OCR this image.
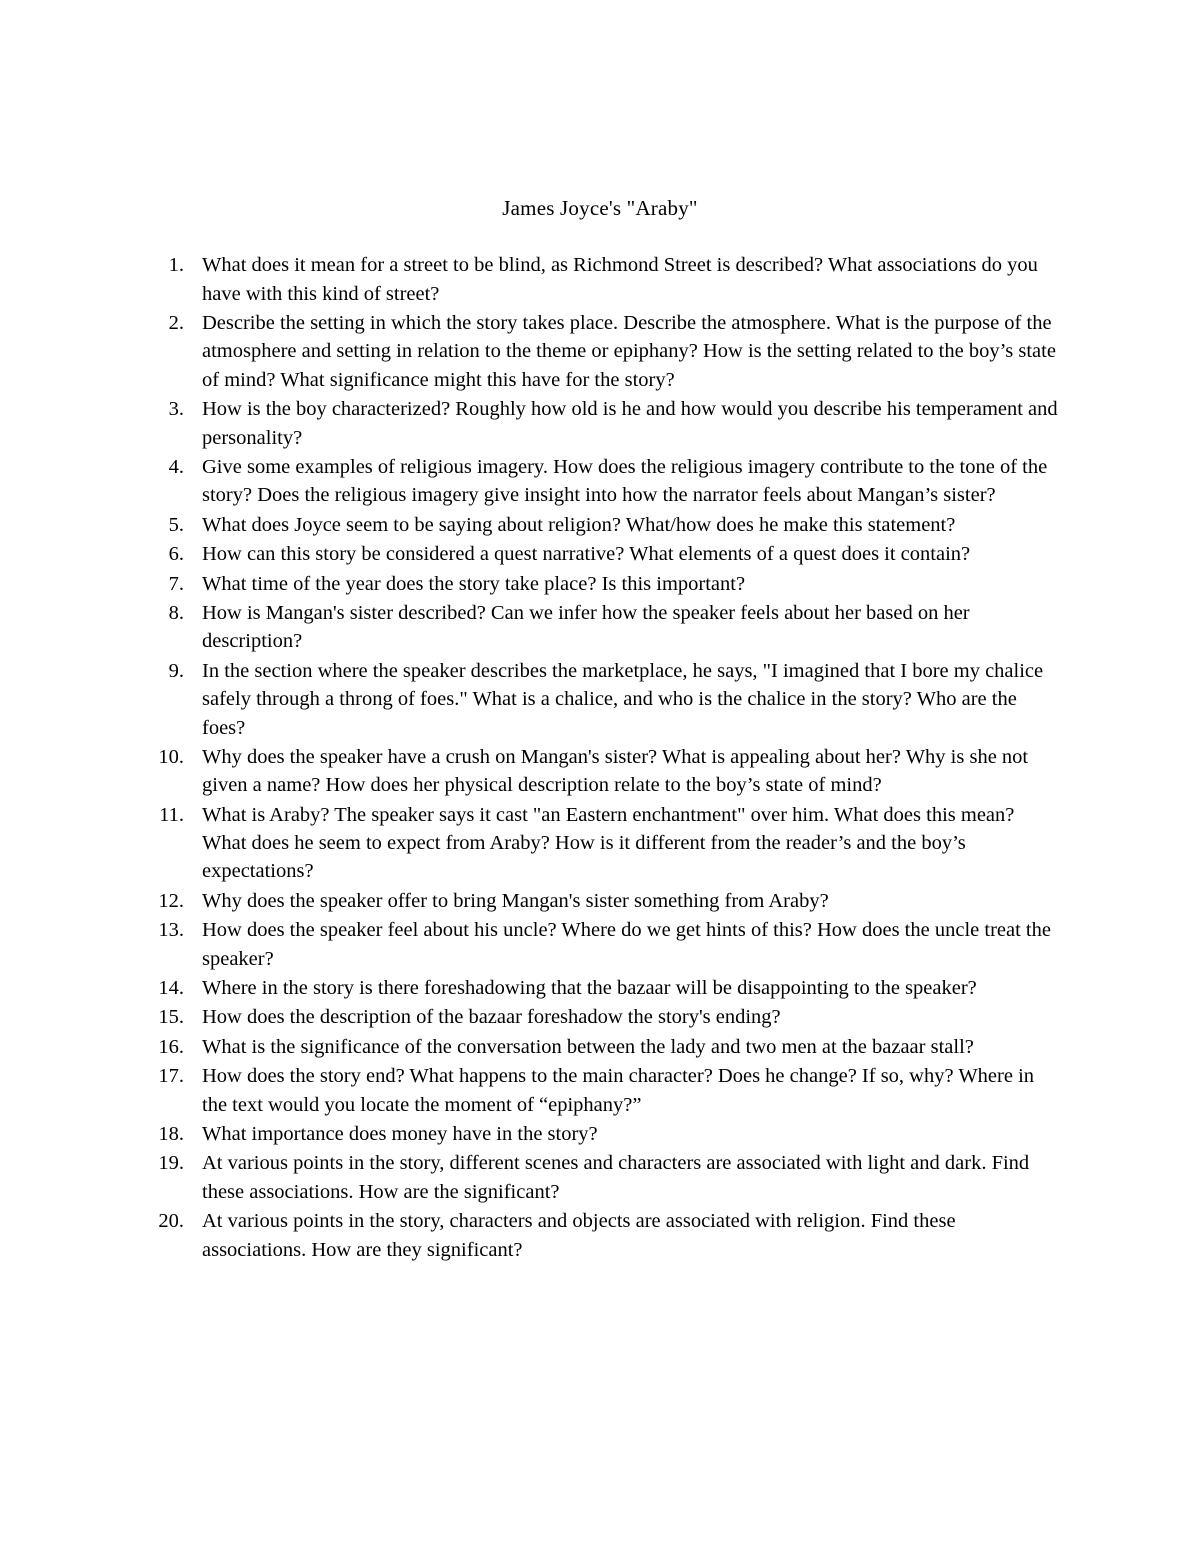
James Joyce's "Araby"
1. What does it mean for a street to be blind, as Richmond Street is described? What associations do you have with this kind of street?
2. Describe the setting in which the story takes place. Describe the atmosphere. What is the purpose of the atmosphere and setting in relation to the theme or epiphany? How is the setting related to the boy’s state of mind? What significance might this have for the story?
3. How is the boy characterized? Roughly how old is he and how would you describe his temperament and personality?
4. Give some examples of religious imagery. How does the religious imagery contribute to the tone of the story? Does the religious imagery give insight into how the narrator feels about Mangan’s sister?
5. What does Joyce seem to be saying about religion? What/how does he make this statement?
6. How can this story be considered a quest narrative? What elements of a quest does it contain?
7. What time of the year does the story take place? Is this important?
8. How is Mangan's sister described? Can we infer how the speaker feels about her based on her description?
9. In the section where the speaker describes the marketplace, he says, "I imagined that I bore my chalice safely through a throng of foes." What is a chalice, and who is the chalice in the story? Who are the foes?
10. Why does the speaker have a crush on Mangan's sister? What is appealing about her? Why is she not given a name? How does her physical description relate to the boy’s state of mind?
11. What is Araby? The speaker says it cast "an Eastern enchantment" over him. What does this mean? What does he seem to expect from Araby? How is it different from the reader’s and the boy’s expectations?
12. Why does the speaker offer to bring Mangan's sister something from Araby?
13. How does the speaker feel about his uncle? Where do we get hints of this? How does the uncle treat the speaker?
14. Where in the story is there foreshadowing that the bazaar will be disappointing to the speaker?
15. How does the description of the bazaar foreshadow the story's ending?
16. What is the significance of the conversation between the lady and two men at the bazaar stall?
17. How does the story end? What happens to the main character? Does he change? If so, why? Where in the text would you locate the moment of “epiphany?”
18. What importance does money have in the story?
19. At various points in the story, different scenes and characters are associated with light and dark. Find these associations. How are the significant?
20. At various points in the story, characters and objects are associated with religion. Find these associations. How are they significant?
